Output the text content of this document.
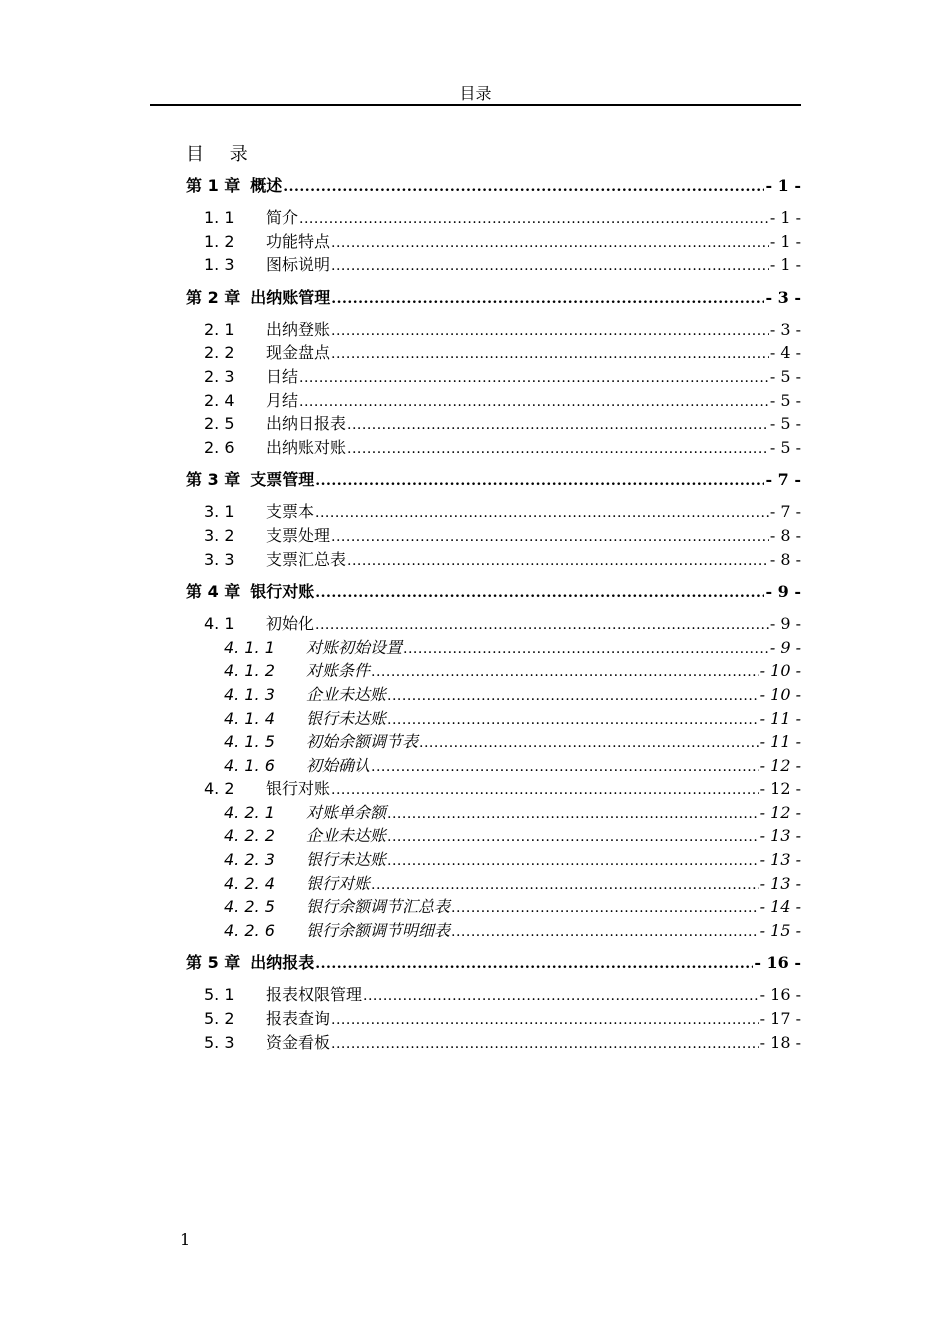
目录
目 录
第 1 章 概述 .....	- 1 -
1. 1	简介 .....	- 1 -
1. 2	功能特点 .....	- 1 -
1. 3	图标说明 .....	- 1 -
第 2 章 出纳账管理 .....	- 3 -
2. 1	出纳登账 .....	- 3 -
2. 2	现金盘点 .....	- 4 -
2. 3	日结 .....	- 5 -
2. 4	月结 .....	- 5 -
2. 5	出纳日报表 .....	- 5 -
2. 6	出纳账对账 .....	- 5 -
第 3 章 支票管理 .....	- 7 -
3. 1	支票本 .....	- 7 -
3. 2	支票处理 .....	- 8 -
3. 3	支票汇总表 .....	- 8 -
第 4 章 银行对账 .....	- 9 -
4. 1	初始化 .....	- 9 -
4. 1. 1	对账初始设置 .....	- 9 -
4. 1. 2	对账条件 .....	- 10 -
4. 1. 3	企业未达账 .....	- 10 -
4. 1. 4	银行未达账 .....	- 11 -
4. 1. 5	初始余额调节表 .....	- 11 -
4. 1. 6	初始确认 .....	- 12 -
4. 2	银行对账 .....	- 12 -
4. 2. 1	对账单余额 .....	- 12 -
4. 2. 2	企业未达账 .....	- 13 -
4. 2. 3	银行未达账 .....	- 13 -
4. 2. 4	银行对账 .....	- 13 -
4. 2. 5	银行余额调节汇总表 .....	- 14 -
4. 2. 6	银行余额调节明细表 .....	- 15 -
第 5 章 出纳报表 .....	- 16 -
5. 1	报表权限管理 .....	- 16 -
5. 2	报表查询 .....	- 17 -
5. 3	资金看板 .....	- 18 -
1
